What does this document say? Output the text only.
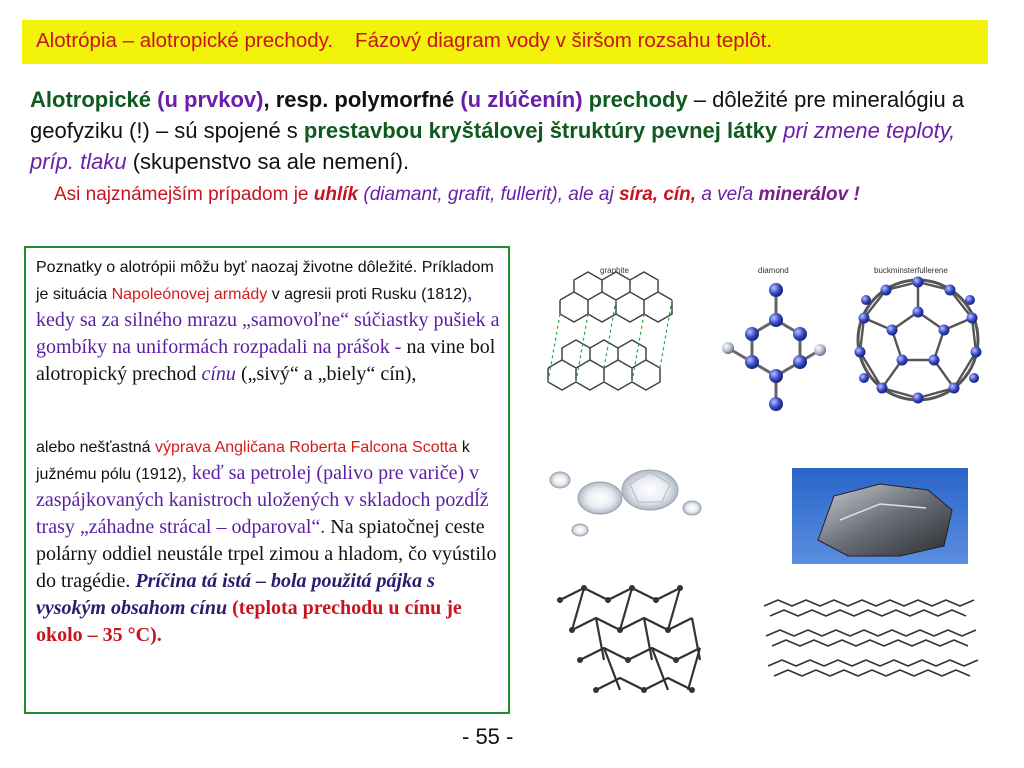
Alotrópia – alotropické prechody. Fázový diagram vody v širšom rozsahu teplôt.
Alotropické (u prvkov), resp. polymorfné (u zlúčenín) prechody – dôležité pre mineralógiu a geofyziku (!) – sú spojené s prestavbou kryštálovej štruktúry pevnej látky pri zmene teploty, príp. tlaku (skupenstvo sa ale nemení).
Asi najznámejším prípadom je uhlík (diamant, grafit, fullerit), ale aj síra, cín, a veľa minerálov !
Poznatky o alotrópii môžu byť naozaj životne dôležité. Príkladom je situácia Napoleónovej armády v agresii proti Rusku (1812), kedy sa za silného mrazu „samovoľne“ súčiastky pušiek a gombíky na uniformách rozpadali na prášok - na vine bol alotropický prechod cínu („sivý“ a „biely“ cín),
alebo nešťastná výprava Angličana Roberta Falcona Scotta k južnému pólu (1912), keď sa petrolej (palivo pre variče) v zaspájkovaných kanistroch uložených v skladoch pozdĺž trasy „záhadne strácal – odparoval“. Na spiatočnej ceste polárny oddiel neustále trpel zimou a hladom, čo vyústilo do tragédie. Príčina tá istá – bola použitá pájka s vysokým obsahom cínu (teplota prechodu u cínu je okolo – 35 °C).
graphite	diamond	buckminsterfullerene
- 55 -
